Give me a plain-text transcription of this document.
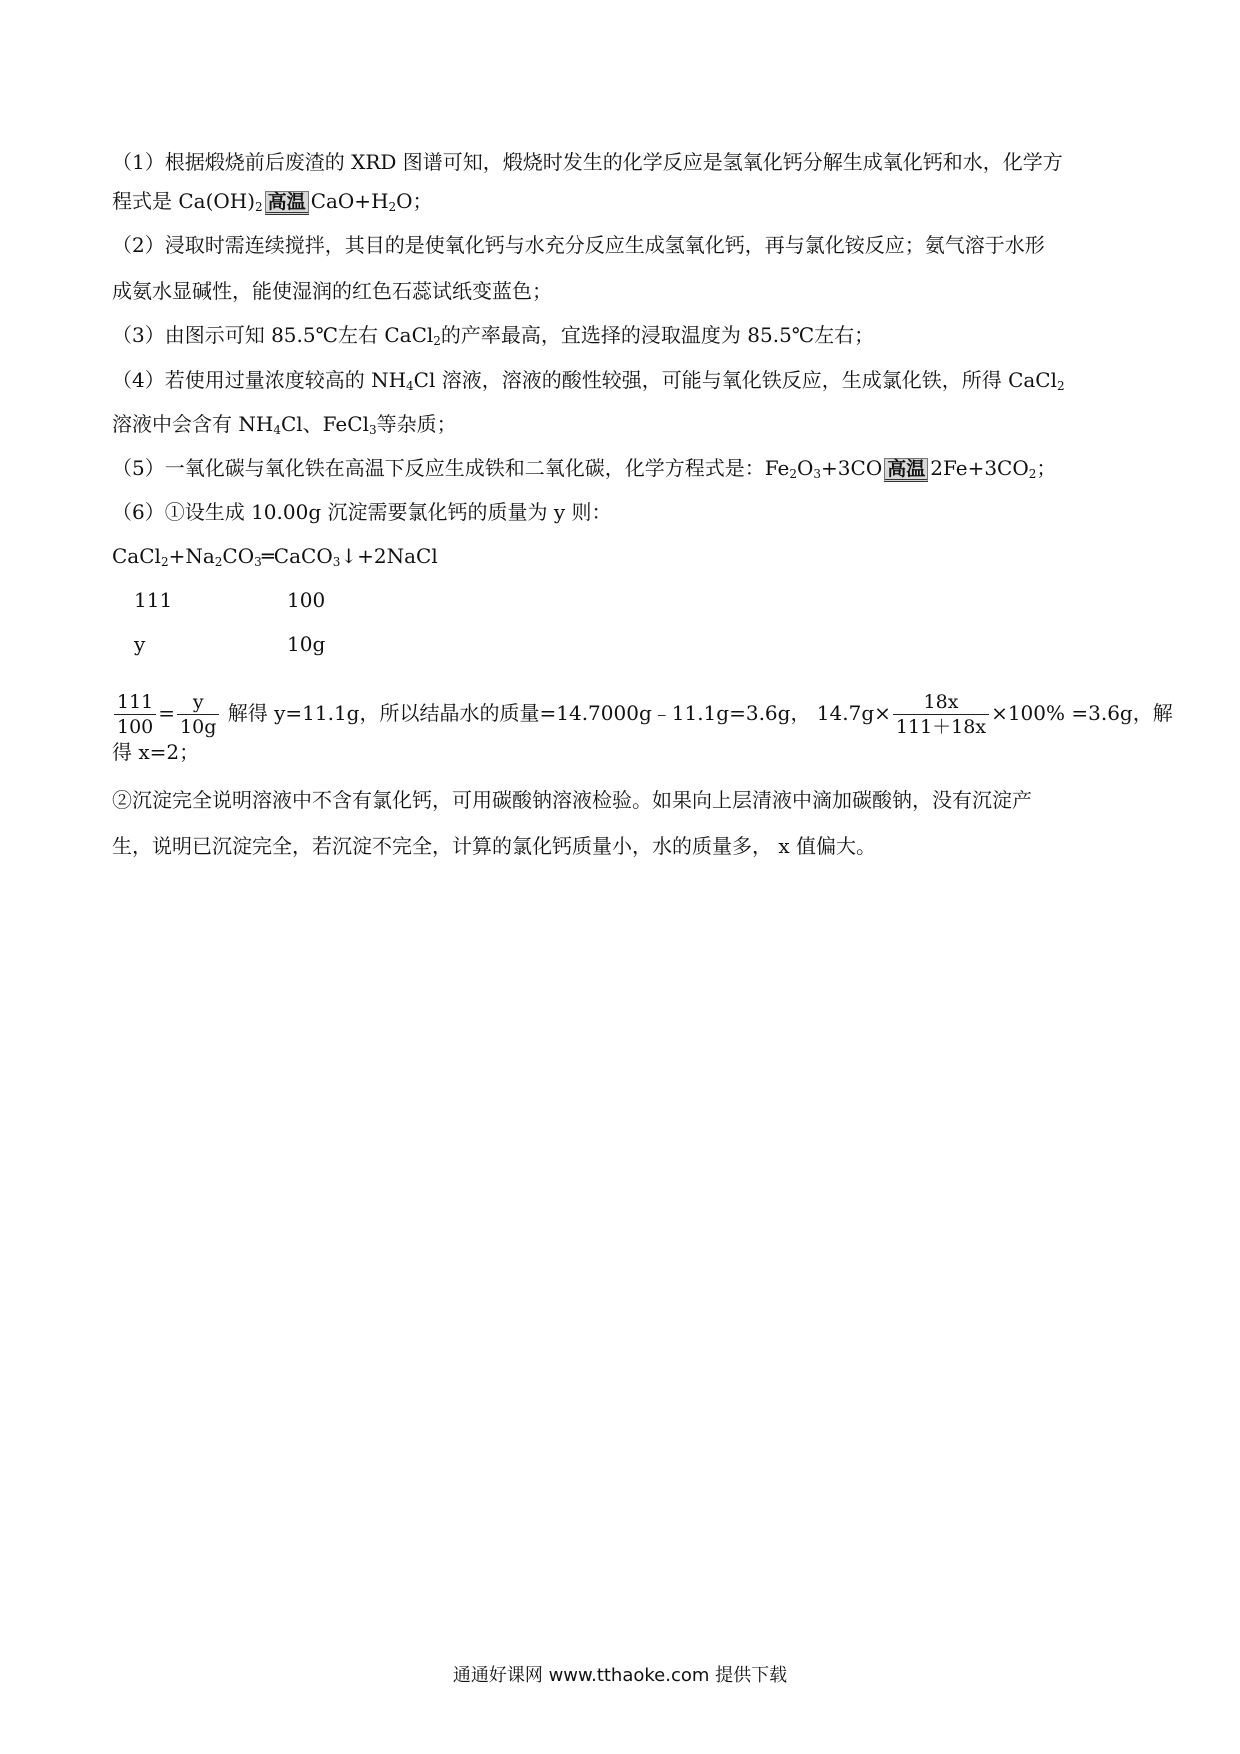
（1）根据煅烧前后废渣的 XRD 图谱可知，煅烧时发生的化学反应是氢氧化钙分解生成氧化钙和水，化学方
程式是 $Ca(OH)_2$ 高温 $CaO+H_2O$；
（2）浸取时需连续搅拌，其目的是使氧化钙与水充分反应生成氢氧化钙，再与氯化铵反应；氨气溶于水形
成氨水显碱性，能使湿润的红色石蕊试纸变蓝色；
（3）由图示可知 85.5℃左右 CaCl$_2$的产率最高，宜选择的浸取温度为 85.5℃左右；
（4）若使用过量浓度较高的 $NH_4Cl$ 溶液，溶液的酸性较强，可能与氧化铁反应，生成氯化铁，所得 CaCl$_2$
溶液中会含有 $NH_4Cl$、FeCl$_3$等杂质；
（5）一氧化碳与氧化铁在高温下反应生成铁和二氧化碳，化学方程式是：$Fe_2O_3+3CO$ 高温 $2Fe+3CO_2$；
（6）①设生成 10.00g 沉淀需要氯化钙的质量为 y 则：
$CaCl_2+Na_2CO_3═CaCO_3↓+2NaCl$
111	100
y	10g
$\frac{111}{100} = \frac{y}{10g}$ 解得 y=11.1g，所以结晶水的质量=14.7000g﹣11.1g=3.6g， $14.7g\times \frac{18x}{111+18x} \times 100\% =3.6g$，解
得 x=2；
②沉淀完全说明溶液中不含有氯化钙，可用碳酸钠溶液检验。如果向上层清液中滴加碳酸钠，没有沉淀产
生，说明已沉淀完全，若沉淀不完全，计算的氯化钙质量小，水的质量多， x 值偏大。
通通好课网 www.tthaoke.com 提供下载
